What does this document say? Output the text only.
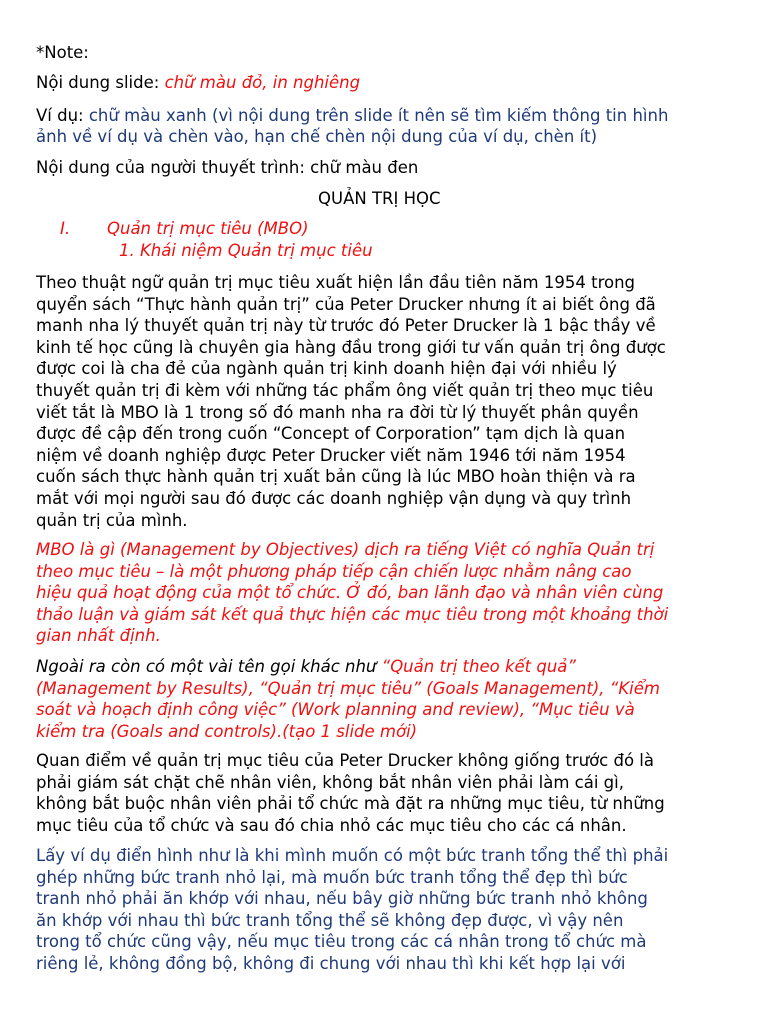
*Note:
Nội dung slide: chữ màu đỏ, in nghiêng
Ví dụ: chữ màu xanh (vì nội dung trên slide ít nên sẽ tìm kiếm thông tin hình
ảnh về ví dụ và chèn vào, hạn chế chèn nội dung của ví dụ, chèn ít)
Nội dung của người thuyết trình: chữ màu đen
QUẢN TRỊ HỌC
I. Quản trị mục tiêu (MBO)
1. Khái niệm Quản trị mục tiêu
Theo thuật ngữ quản trị mục tiêu xuất hiện lần đầu tiên năm 1954 trong
quyển sách “Thực hành quản trị” của Peter Drucker nhưng ít ai biết ông đã
manh nha lý thuyết quản trị này từ trước đó Peter Drucker là 1 bậc thầy về
kinh tế học cũng là chuyên gia hàng đầu trong giới tư vấn quản trị ông được
được coi là cha đẻ của ngành quản trị kinh doanh hiện đại với nhiều lý
thuyết quản trị đi kèm với những tác phẩm ông viết quản trị theo mục tiêu
viết tắt là MBO là 1 trong số đó manh nha ra đời từ lý thuyết phân quyền
được đề cập đến trong cuốn “Concept of Corporation” tạm dịch là quan
niệm về doanh nghiệp được Peter Drucker viết năm 1946 tới năm 1954
cuốn sách thực hành quản trị xuất bản cũng là lúc MBO hoàn thiện và ra
mắt với mọi người sau đó được các doanh nghiệp vận dụng và quy trình
quản trị của mình.
MBO là gì (Management by Objectives) dịch ra tiếng Việt có nghĩa Quản trị
theo mục tiêu – là một phương pháp tiếp cận chiến lược nhằm nâng cao
hiệu quả hoạt động của một tổ chức. Ở đó, ban lãnh đạo và nhân viên cùng
thảo luận và giám sát kết quả thực hiện các mục tiêu trong một khoảng thời
gian nhất định.
Ngoài ra còn có một vài tên gọi khác như “Quản trị theo kết quả”
(Management by Results), “Quản trị mục tiêu” (Goals Management), “Kiểm
soát và hoạch định công việc” (Work planning and review), “Mục tiêu và
kiểm tra (Goals and controls).(tạo 1 slide mới)
Quan điểm về quản trị mục tiêu của Peter Drucker không giống trước đó là
phải giám sát chặt chẽ nhân viên, không bắt nhân viên phải làm cái gì,
không bắt buộc nhân viên phải tổ chức mà đặt ra những mục tiêu, từ những
mục tiêu của tổ chức và sau đó chia nhỏ các mục tiêu cho các cá nhân.
Lấy ví dụ điển hình như là khi mình muốn có một bức tranh tổng thể thì phải
ghép những bức tranh nhỏ lại, mà muốn bức tranh tổng thể đẹp thì bức
tranh nhỏ phải ăn khớp với nhau, nếu bây giờ những bức tranh nhỏ không
ăn khớp với nhau thì bức tranh tổng thể sẽ không đẹp được, vì vậy nên
trong tổ chức cũng vậy, nếu mục tiêu trong các cá nhân trong tổ chức mà
riêng lẻ, không đồng bộ, không đi chung với nhau thì khi kết hợp lại với
